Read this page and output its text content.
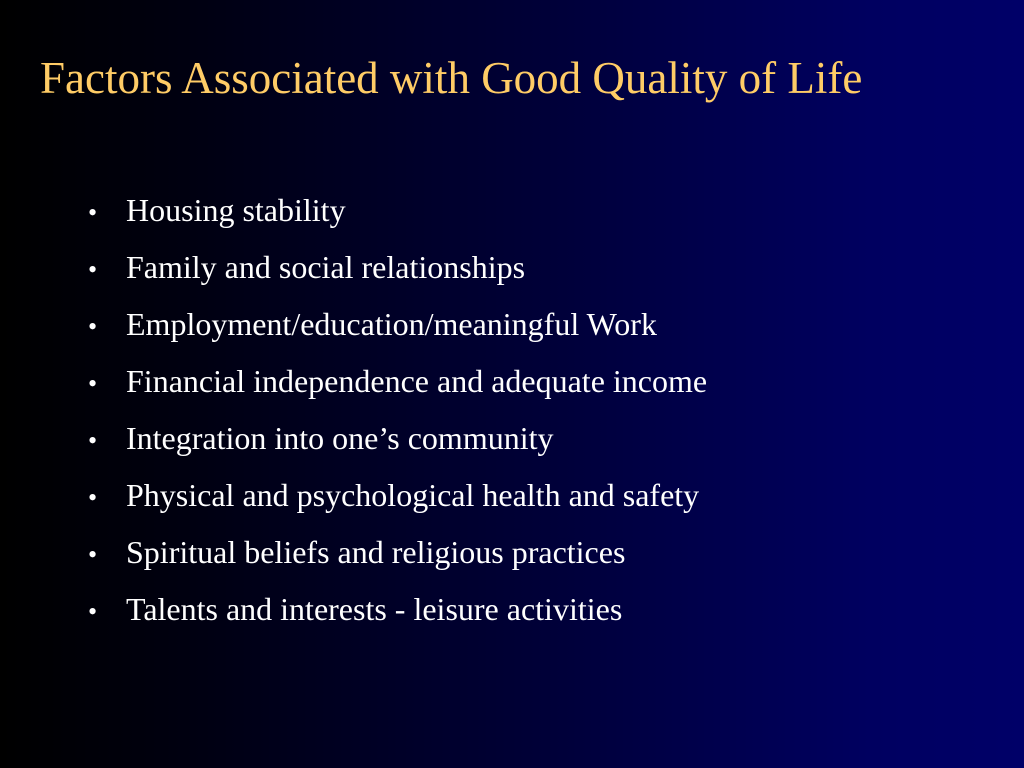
Factors Associated with Good Quality of Life
• Housing stability
• Family and social relationships
• Employment/education/meaningful Work
• Financial independence and adequate income
• Integration into one’s community
• Physical and psychological health and safety
• Spiritual beliefs and religious practices
• Talents and interests - leisure activities
